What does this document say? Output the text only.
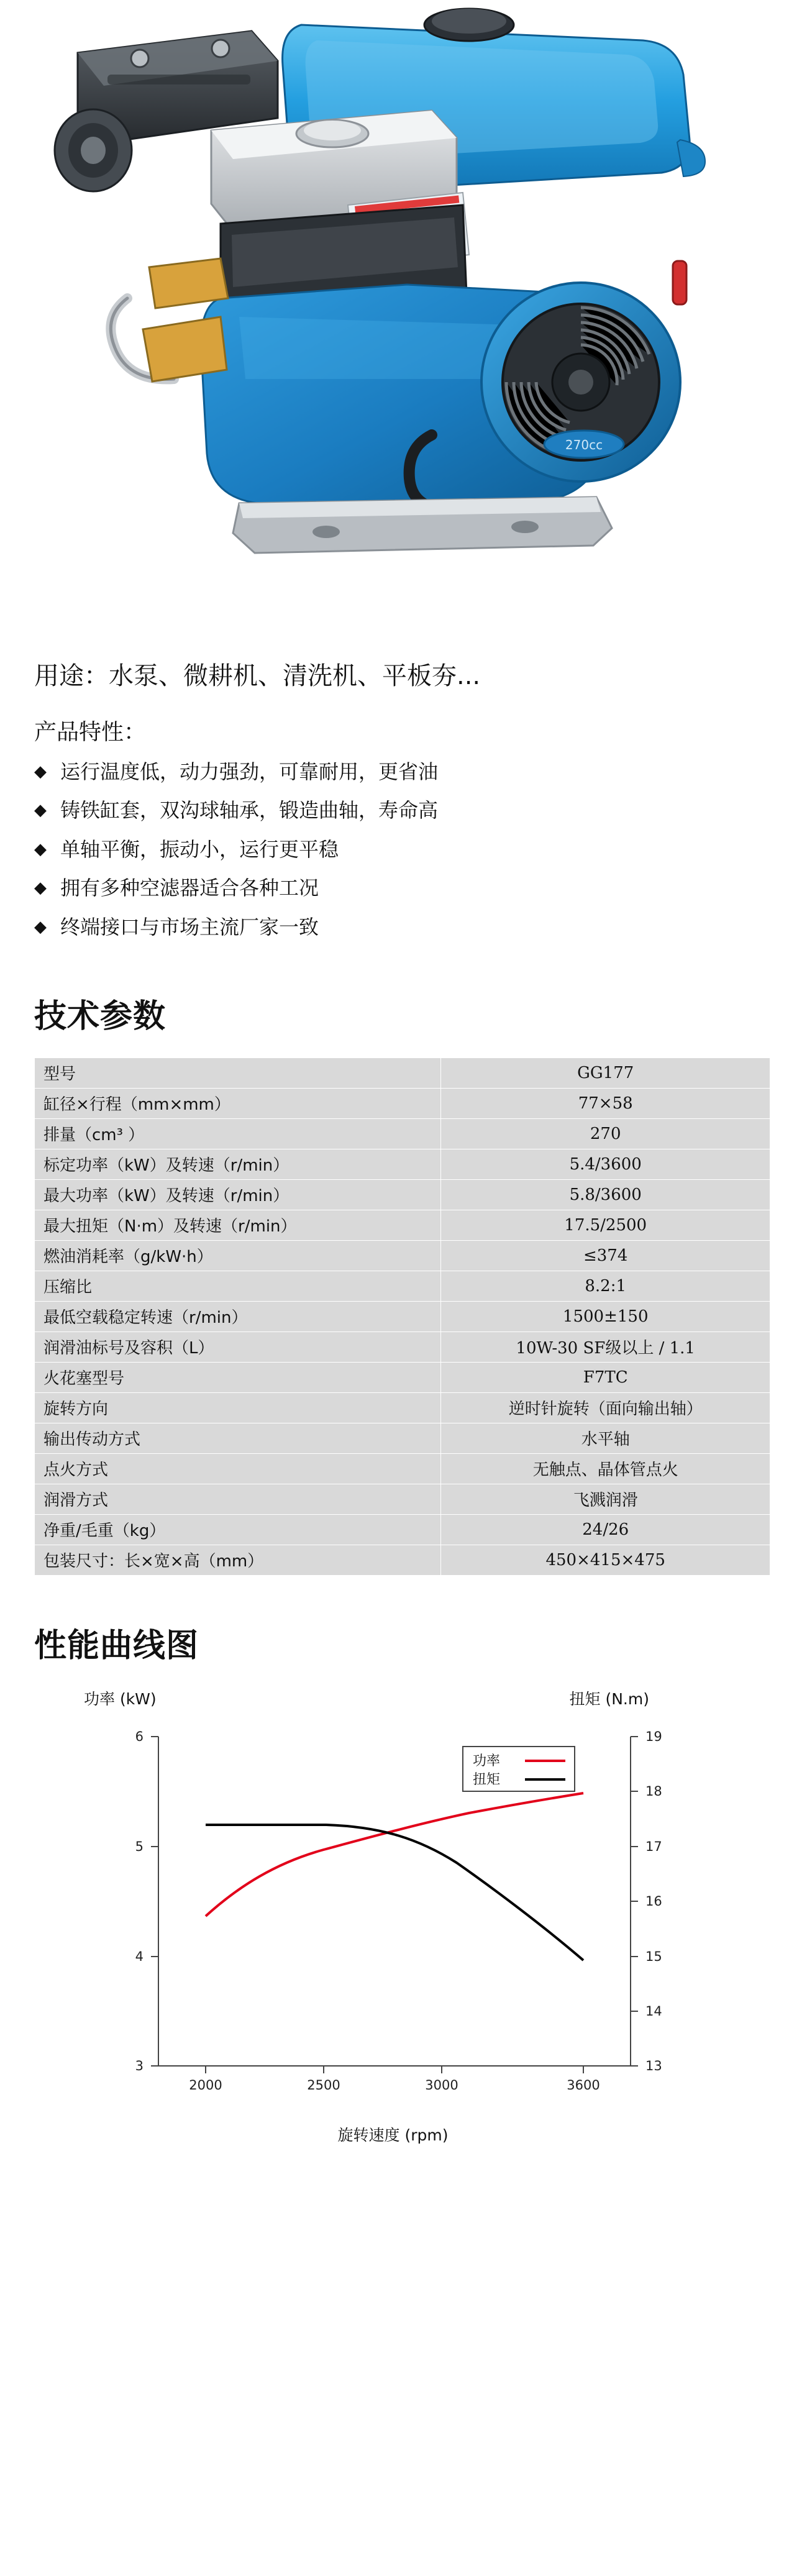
270cc
用途：水泵、微耕机、清洗机、平板夯...
产品特性：
◆ 运行温度低，动力强劲，可靠耐用，更省油
◆ 铸铁缸套，双沟球轴承，锻造曲轴，寿命高
◆ 单轴平衡，振动小，运行更平稳
◆ 拥有多种空滤器适合各种工况
◆ 终端接口与市场主流厂家一致
技术参数
型号	GG177
缸径×行程（mm×mm）	77×58
排量（cm³ ）	270
标定功率（kW）及转速（r/min）	5.4/3600
最大功率（kW）及转速（r/min）	5.8/3600
最大扭矩（N·m）及转速（r/min）	17.5/2500
燃油消耗率（g/kW·h）	≤374
压缩比	8.2:1
最低空载稳定转速（r/min）	1500±150
润滑油标号及容积（L）	10W-30 SF级以上 / 1.1
火花塞型号	F7TC
旋转方向	逆时针旋转（面向输出轴）
输出传动方式	水平轴
点火方式	无触点、晶体管点火
润滑方式	飞溅润滑
净重/毛重（kg）	24/26
包装尺寸：长×宽×高（mm）	450×415×475
性能曲线图
功率 (kW)	扭矩 (N.m)
6
5
4
3
19
18
17
16
15
14
13
2000	2500	3000	3600
功率
扭矩
旋转速度 (rpm)
